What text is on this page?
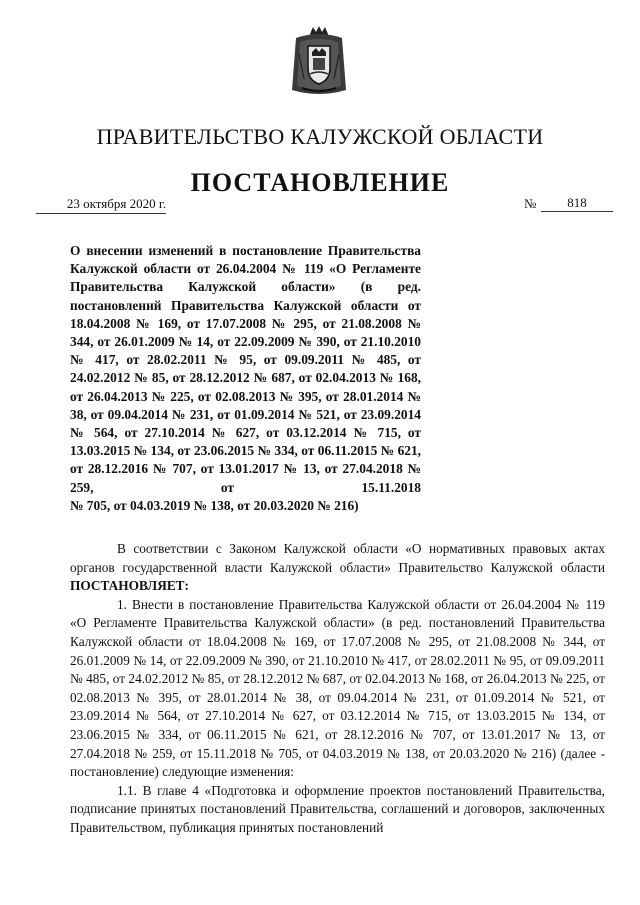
ПРАВИТЕЛЬСТВО КАЛУЖСКОЙ ОБЛАСТИ
ПОСТАНОВЛЕНИЕ
23 октября 2020 г.	№	818
О внесении изменений в постановление Правительства Калужской области от 26.04.2004 № 119 «О Регламенте Правительства Калужской области» (в ред. постановлений Правительства Калужской области от 18.04.2008 № 169, от 17.07.2008 № 295, от 21.08.2008 № 344, от 26.01.2009 № 14, от 22.09.2009 № 390, от 21.10.2010 № 417, от 28.02.2011 № 95, от 09.09.2011 № 485, от 24.02.2012 № 85, от 28.12.2012 № 687, от 02.04.2013 № 168, от 26.04.2013 № 225, от 02.08.2013 № 395, от 28.01.2014 № 38, от 09.04.2014 № 231, от 01.09.2014 № 521, от 23.09.2014 № 564, от 27.10.2014 № 627, от 03.12.2014 № 715, от 13.03.2015 № 134, от 23.06.2015 № 334, от 06.11.2015 № 621, от 28.12.2016 № 707, от 13.01.2017 № 13, от 27.04.2018 № 259, от 15.11.2018
№ 705, от 04.03.2019 № 138, от 20.03.2020 № 216)

В соответствии с Законом Калужской области «О нормативных правовых актах органов государственной власти Калужской области» Правительство Калужской области ПОСТАНОВЛЯЕТ:

1. Внести в постановление Правительства Калужской области от 26.04.2004 № 119 «О Регламенте Правительства Калужской области» (в ред. постановлений Правительства Калужской области от 18.04.2008 № 169, от 17.07.2008 № 295, от 21.08.2008 № 344, от 26.01.2009 № 14, от 22.09.2009 № 390, от 21.10.2010 № 417, от 28.02.2011 № 95, от 09.09.2011 № 485, от 24.02.2012 № 85, от 28.12.2012 № 687, от 02.04.2013 № 168, от 26.04.2013 № 225, от 02.08.2013 № 395, от 28.01.2014 № 38, от 09.04.2014 № 231, от 01.09.2014 № 521, от 23.09.2014 № 564, от 27.10.2014 № 627, от 03.12.2014 № 715, от 13.03.2015 № 134, от 23.06.2015 № 334, от 06.11.2015 № 621, от 28.12.2016 № 707, от 13.01.2017 № 13, от 27.04.2018 № 259, от 15.11.2018 № 705, от 04.03.2019 № 138, от 20.03.2020 № 216) (далее - постановление) следующие изменения:

1.1. В главе 4 «Подготовка и оформление проектов постановлений Правительства, подписание принятых постановлений Правительства, соглашений и договоров, заключенных Правительством, публикация принятых постановлений
